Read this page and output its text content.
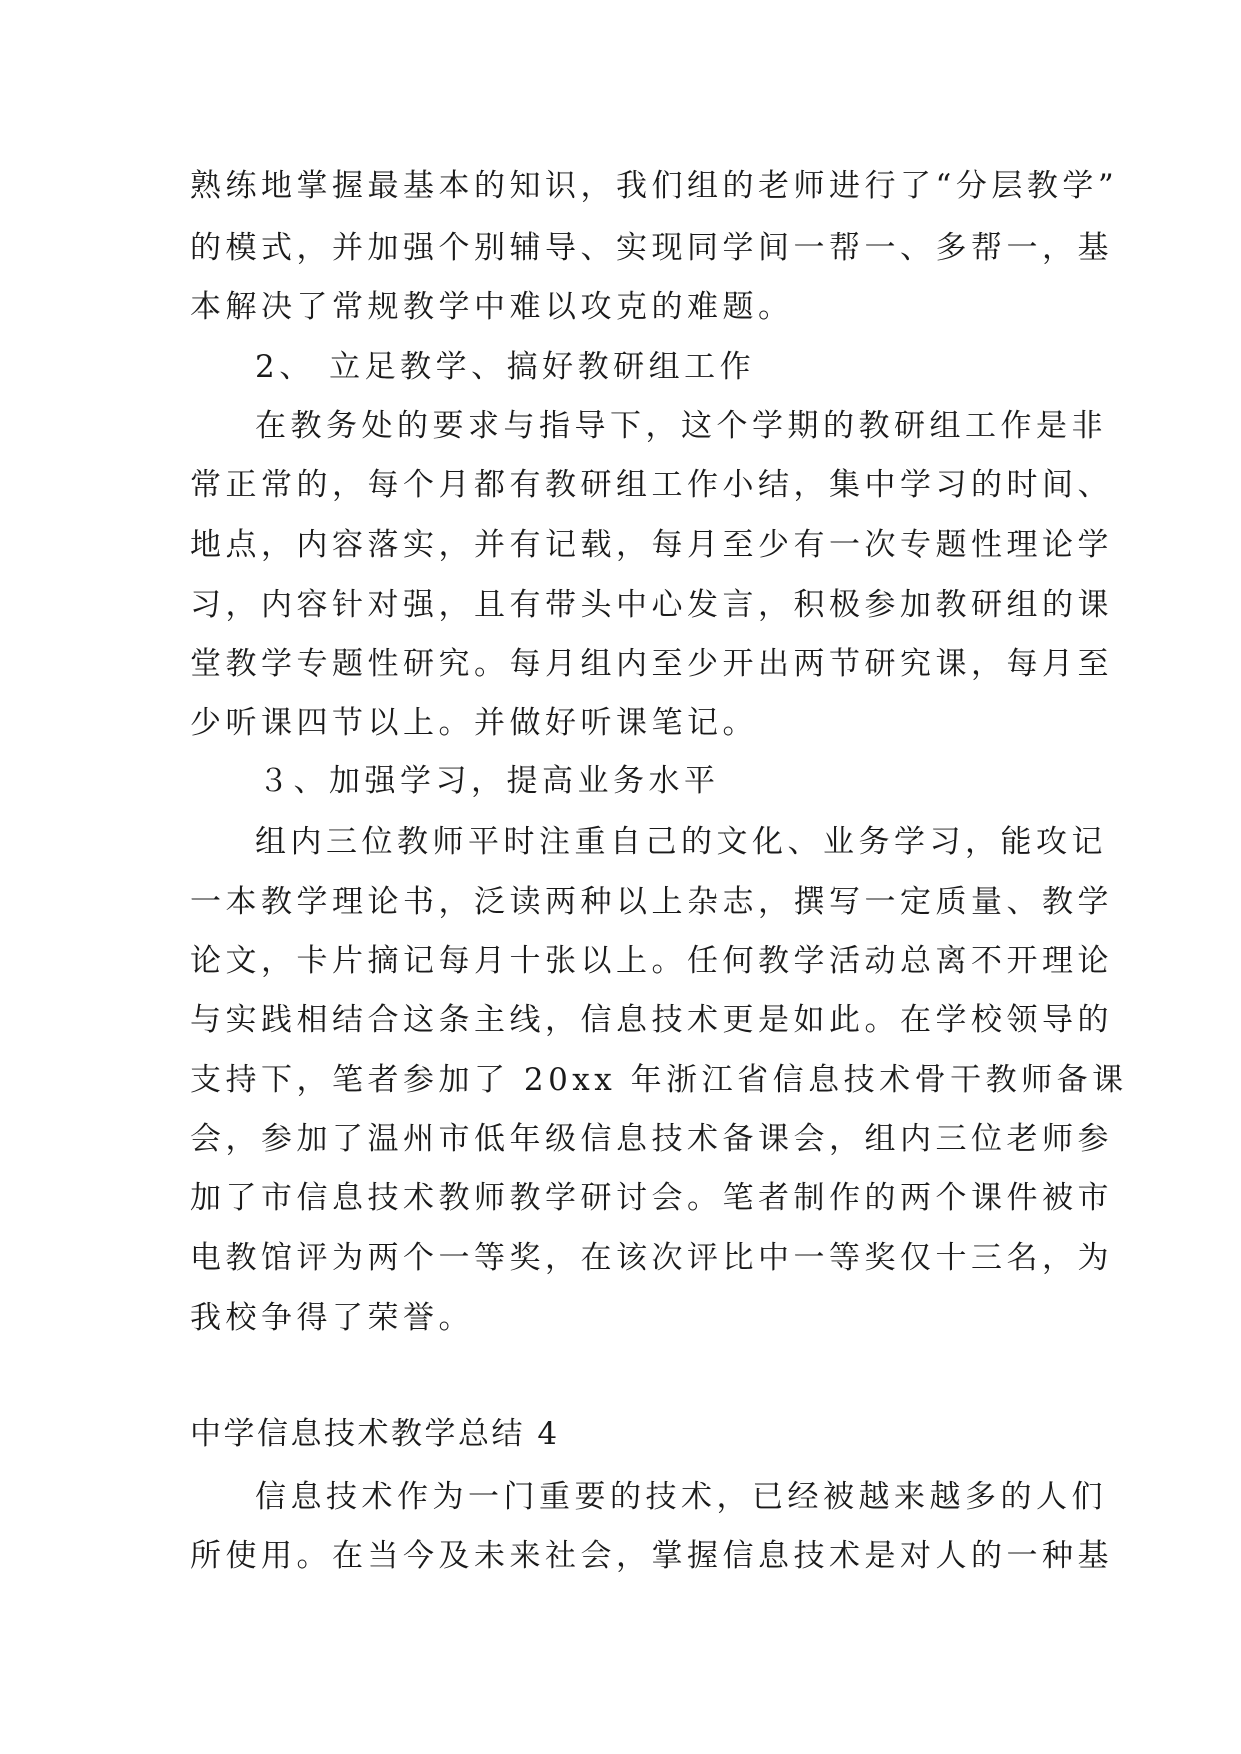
熟练地掌握最基本的知识，我们组的老师进行了“分层教学”
的模式，并加强个别辅导、实现同学间一帮一、多帮一，基
本解决了常规教学中难以攻克的难题。
2、 立足教学、搞好教研组工作
在教务处的要求与指导下，这个学期的教研组工作是非
常正常的，每个月都有教研组工作小结，集中学习的时间、
地点，内容落实，并有记载，每月至少有一次专题性理论学
习，内容针对强，且有带头中心发言，积极参加教研组的课
堂教学专题性研究。每月组内至少开出两节研究课，每月至
少听课四节以上。并做好听课笔记。
３、加强学习，提高业务水平
组内三位教师平时注重自己的文化、业务学习，能攻记
一本教学理论书，泛读两种以上杂志，撰写一定质量、教学
论文，卡片摘记每月十张以上。任何教学活动总离不开理论
与实践相结合这条主线，信息技术更是如此。在学校领导的
支持下，笔者参加了 20xx 年浙江省信息技术骨干教师备课
会，参加了温州市低年级信息技术备课会，组内三位老师参
加了市信息技术教师教学研讨会。笔者制作的两个课件被市
电教馆评为两个一等奖，在该次评比中一等奖仅十三名，为
我校争得了荣誉。
中学信息技术教学总结 4
信息技术作为一门重要的技术，已经被越来越多的人们
所使用。在当今及未来社会，掌握信息技术是对人的一种基
